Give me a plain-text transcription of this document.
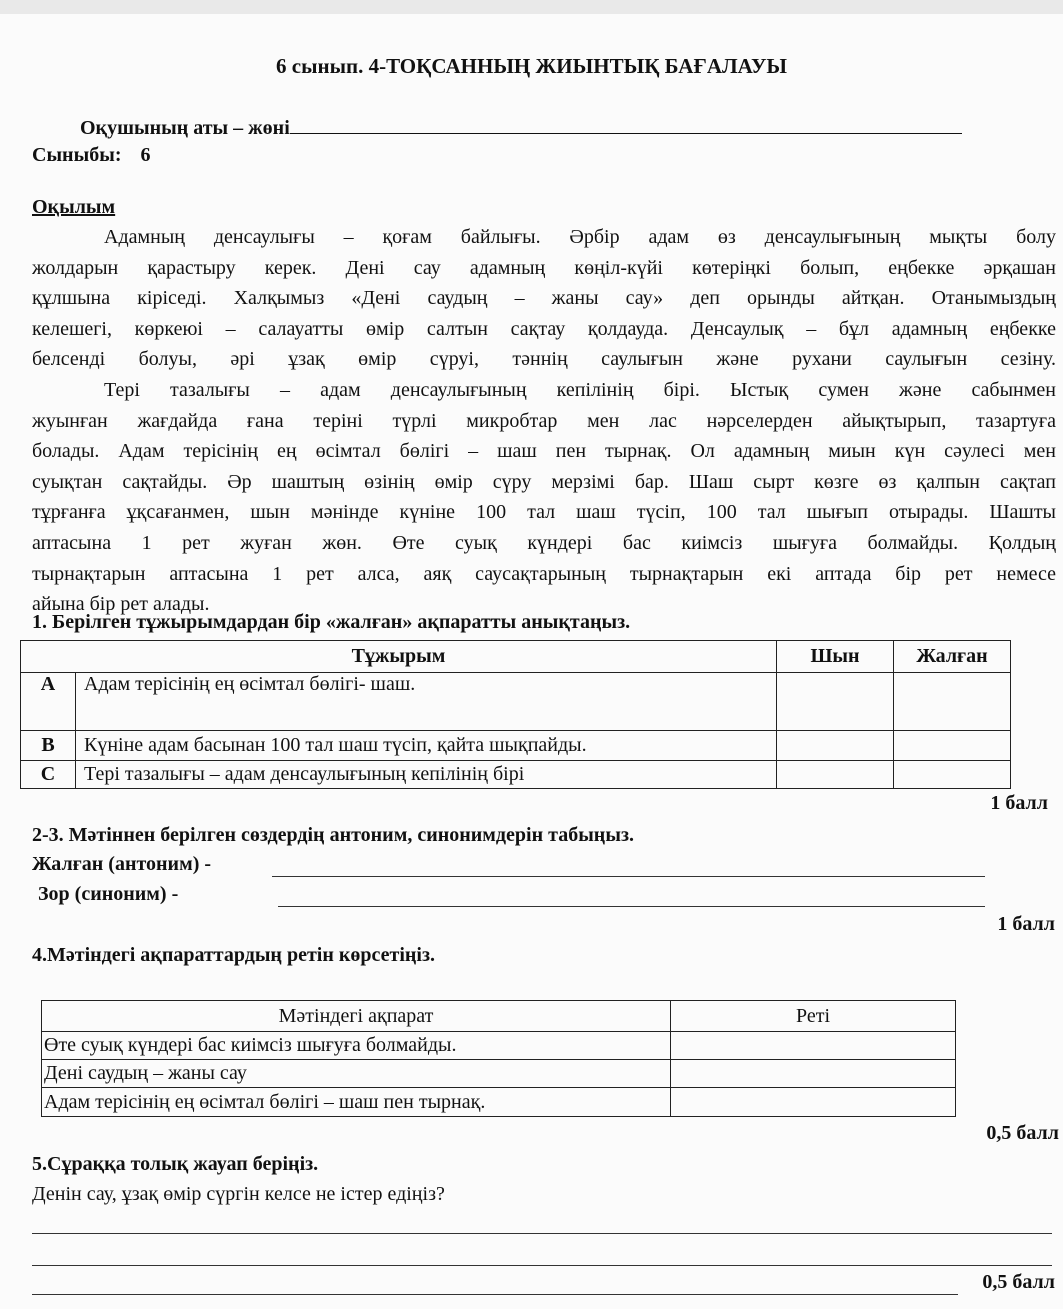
6 сынып. 4-ТОҚСАННЫҢ ЖИЫНТЫҚ БАҒАЛАУЫ
Оқушының аты – жөні
Сыныбы: 6
Оқылым
Адамның денсаулығы – қоғам байлығы. Әрбір адам өз денсаулығының мықты болу
жолдарын қарастыру керек. Дені сау адамның көңіл-күйі көтеріңкі болып, еңбекке әрқашан
құлшына кіріседі. Халқымыз «Дені саудың – жаны сау» деп орынды айтқан. Отанымыздың
келешегі, көркеюі – салауатты өмір салтын сақтау қолдауда. Денсаулық – бұл адамның еңбекке
белсенді болуы, әрі ұзақ өмір сүруі, тәннің саулығын және рухани саулығын сезіну.
Тері тазалығы – адам денсаулығының кепілінің бірі. Ыстық сумен және сабынмен
жуынған жағдайда ғана теріні түрлі микробтар мен лас нәрселерден айықтырып, тазартуға
болады. Адам терісінің ең өсімтал бөлігі – шаш пен тырнақ. Ол адамның миын күн сәулесі мен
суықтан сақтайды. Әр шаштың өзінің өмір сүру мерзімі бар. Шаш сырт көзге өз қалпын сақтап
тұрғанға ұқсағанмен, шын мәнінде күніне 100 тал шаш түсіп, 100 тал шығып отырады. Шашты
аптасына 1 рет жуған жөн. Өте суық күндері бас киімсіз шығуға болмайды. Қолдың
тырнақтарын аптасына 1 рет алса, аяқ саусақтарының тырнақтарын екі аптада бір рет немесе
айына бір рет алады.
1. Берілген тұжырымдардан бір «жалған» ақпаратты анықтаңыз.
Тұжырым		Шын	Жалған
А	Адам терісінің ең өсімтал бөлігі- шаш.		
В	Күніне адам басынан 100 тал шаш түсіп, қайта шықпайды.		
С	Тері тазалығы – адам денсаулығының кепілінің бірі		
1 балл
2-3. Мәтіннен берілген сөздердің антоним, синонимдерін табыңыз.
Жалған (антоним) -
Зор (синоним) -
1 балл
4.Мәтіндегі ақпараттардың ретін көрсетіңіз.
Мәтіндегі ақпарат	Реті
Өте суық күндері бас киімсіз шығуға болмайды.	
Дені саудың – жаны сау	
Адам терісінің ең өсімтал бөлігі – шаш пен тырнақ.	
0,5 балл
5.Сұраққа толық жауап беріңіз.
Денін сау, ұзақ өмір сүргін келсе не істер едіңіз?
0,5 балл
